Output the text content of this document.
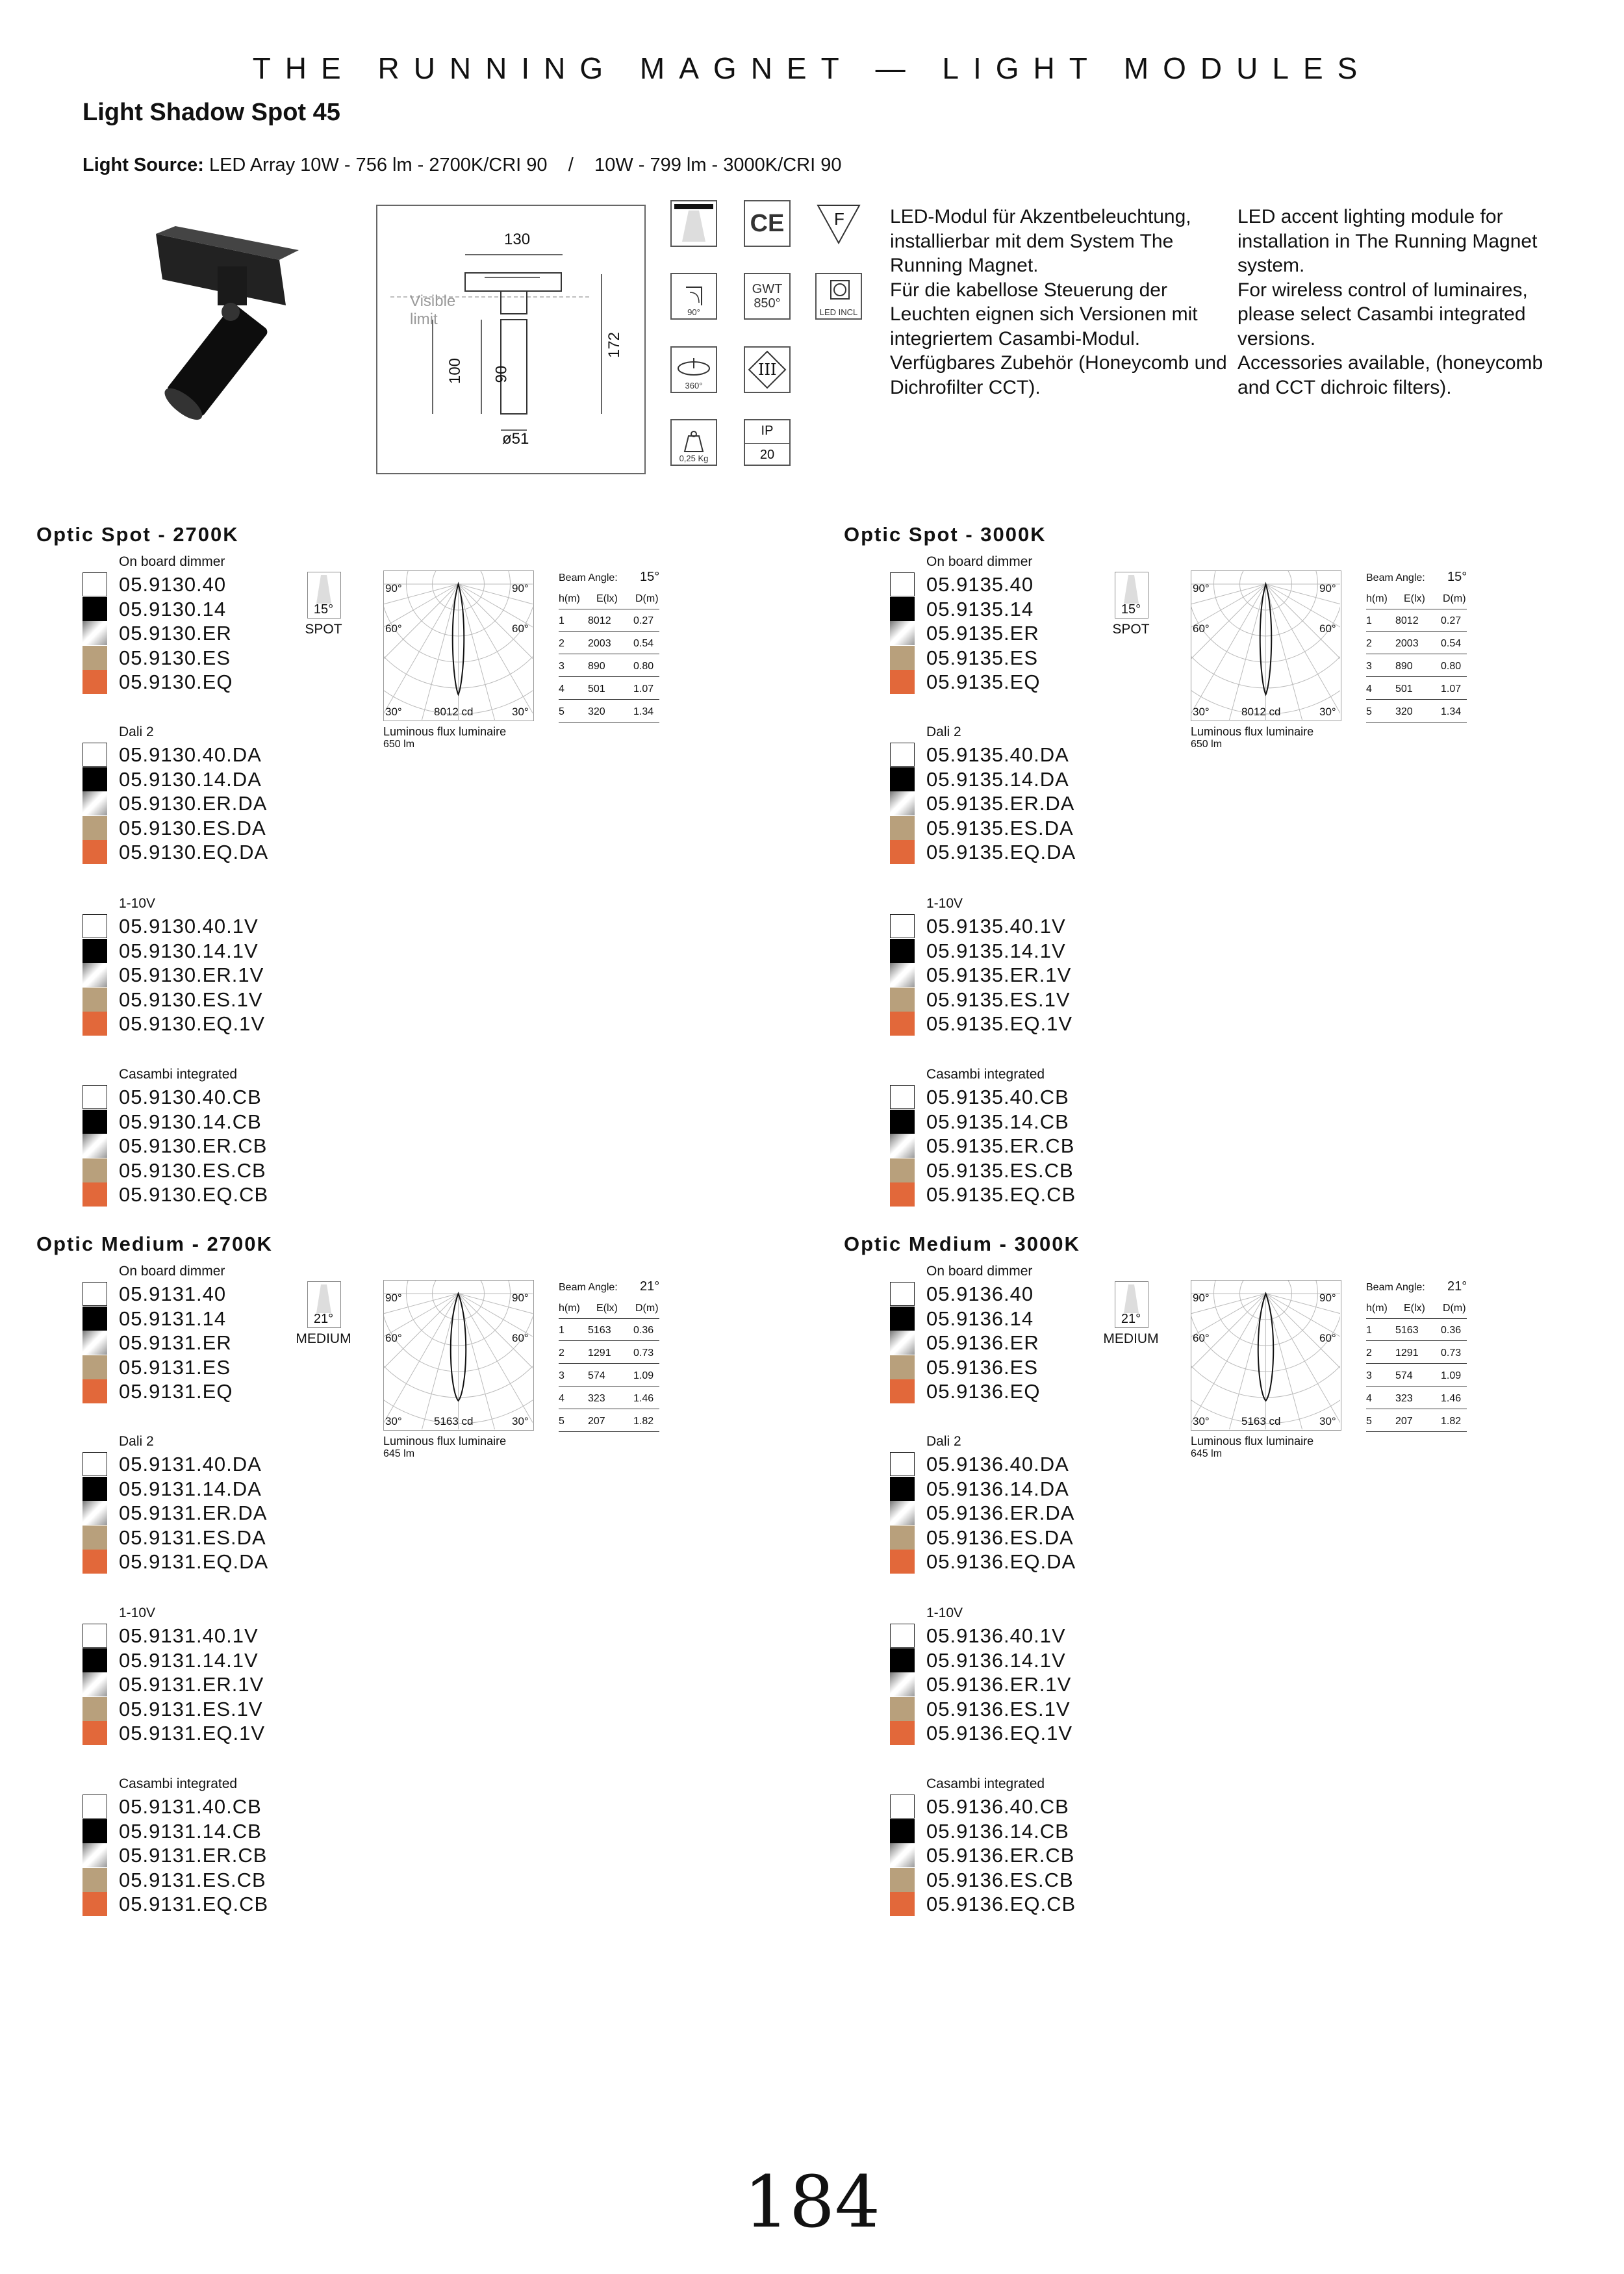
THE RUNNING MAGNET — LIGHT MODULES
Light Shadow Spot 45
Light Source: LED Array 10W - 756 lm - 2700K/CRI 90    /    10W - 799 lm - 3000K/CRI 90
130
Visible
limit
100 90
172
ø51
CE	F
90°
GWT
850°
LED INCL
360°
III
0,25 Kg
IP
20
LED-Modul für Akzentbeleuchtung, installierbar mit dem System The Running Magnet.
Für die kabellose Steuerung der Leuchten eignen sich Versionen mit integriertem Casambi-Modul.
Verfügbares Zubehör (Honeycomb und Dichrofilter CCT).
LED accent lighting module for installation in The Running Magnet system.
For wireless control of luminaires, please select Casambi integrated versions.
Accessories available, (honeycomb and CCT dichroic filters).
Optic Spot - 2700K
On board dimmer
05.9130.40
05.9130.14
05.9130.ER
05.9130.ES
05.9130.EQ
Dali 2
05.9130.40.DA
05.9130.14.DA
05.9130.ER.DA
05.9130.ES.DA
05.9130.EQ.DA
1-10V
05.9130.40.1V
05.9130.14.1V
05.9130.ER.1V
05.9130.ES.1V
05.9130.EQ.1V
Casambi integrated
05.9130.40.CB
05.9130.14.CB
05.9130.ER.CB
05.9130.ES.CB
05.9130.EQ.CB
15°
SPOT
90°	90°
60°	60°
30°	30°
8012 cd
Luminous flux luminaire
650 lm
Beam Angle: 15°
h(m) E(lx) D(m)
1 8012 0.27
2 2003 0.54
3 890	0.80
4 501	1.07
5 320	1.34
Optic Spot - 3000K
On board dimmer
05.9135.40
05.9135.14
05.9135.ER
05.9135.ES
05.9135.EQ
Dali 2
05.9135.40.DA
05.9135.14.DA
05.9135.ER.DA
05.9135.ES.DA
05.9135.EQ.DA
1-10V
05.9135.40.1V
05.9135.14.1V
05.9135.ER.1V
05.9135.ES.1V
05.9135.EQ.1V
Casambi integrated
05.9135.40.CB
05.9135.14.CB
05.9135.ER.CB
05.9135.ES.CB
05.9135.EQ.CB
15°
SPOT
90°	90°
60°	60°
30°	30°
8012 cd
Luminous flux luminaire
650 lm
Beam Angle: 15°
h(m) E(lx) D(m)
1 8012 0.27
2 2003 0.54
3 890	0.80
4 501	1.07
5 320	1.34
Optic Medium - 2700K
On board dimmer
05.9131.40
05.9131.14
05.9131.ER
05.9131.ES
05.9131.EQ
Dali 2
05.9131.40.DA
05.9131.14.DA
05.9131.ER.DA
05.9131.ES.DA
05.9131.EQ.DA
1-10V
05.9131.40.1V
05.9131.14.1V
05.9131.ER.1V
05.9131.ES.1V
05.9131.EQ.1V
Casambi integrated
05.9131.40.CB
05.9131.14.CB
05.9131.ER.CB
05.9131.ES.CB
05.9131.EQ.CB
21°
MEDIUM
90°	90°
60°	60°
30°	30°
5163 cd
Luminous flux luminaire
645 lm
Beam Angle: 21°
h(m) E(lx) D(m)
1 5163 0.36
2 1291 0.73
3 574	1.09
4 323	1.46
5 207	1.82
Optic Medium - 3000K
On board dimmer
05.9136.40
05.9136.14
05.9136.ER
05.9136.ES
05.9136.EQ
Dali 2
05.9136.40.DA
05.9136.14.DA
05.9136.ER.DA
05.9136.ES.DA
05.9136.EQ.DA
1-10V
05.9136.40.1V
05.9136.14.1V
05.9136.ER.1V
05.9136.ES.1V
05.9136.EQ.1V
Casambi integrated
05.9136.40.CB
05.9136.14.CB
05.9136.ER.CB
05.9136.ES.CB
05.9136.EQ.CB
21°
MEDIUM
90°	90°
60°	60°
30°	30°
5163 cd
Luminous flux luminaire
645 lm
Beam Angle: 21°
h(m) E(lx) D(m)
1 5163 0.36
2 1291 0.73
3 574	1.09
4 323	1.46
5 207	1.82
184
